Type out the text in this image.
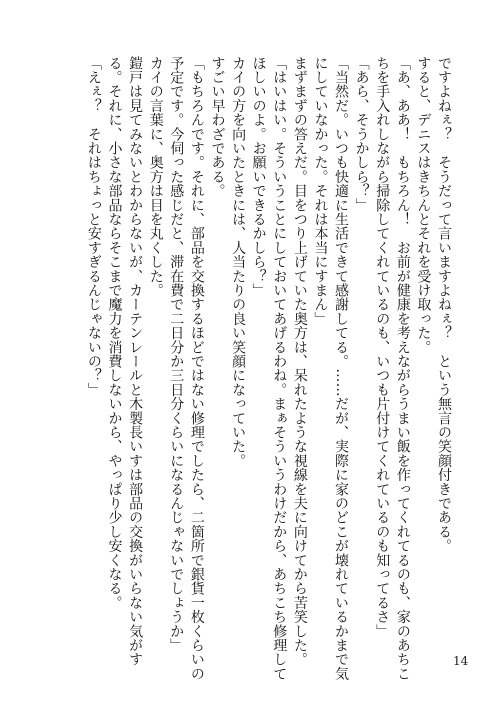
ですよねぇ？　そうだって言いますよねぇ？　という無言の笑顔付きである。
すると、デニスはきちんとそれを受け取った。
「あ、ああ！　もちろん！　お前が健康を考えながらうまい飯を作ってくれてるのも、家のあちこ
ちを手入れしながら掃除してくれているのも、いつも片付けてくれているのも知ってるさ」
「あら、そうかしら？」
「当然だ。いつも快適に生活できて感謝してる。……だが、実際に家のどこが壊れているかまで気
にしていなかった。それは本当にすまん」
まずまずの答えだ。目をつり上げていた奥方は、呆れたような視線を夫に向けてから苦笑した。
「はいはい。そういうことにしておいてあげるわね。まぁそういうわけだから、あちこち修理して
ほしいのよ。お願いできるかしら？」
カイの方を向いたときには、人当たりの良い笑顔になっていた。
すごい早わざである。
「もちろんです。それに、部品を交換するほどではない修理でしたら、二箇所で銀貨一枚くらいの
予定です。今伺った感じだと、滞在費で二日分か三日分くらいになるんじゃないでしょうか」
カイの言葉に、奥方は目を丸くした。
鎧戸は見てみないとわからないが、カーテンレールと木製長いすは部品の交換がいらない気がす
る。それに、小さな部品ならそこまで魔力を消費しないから、やっぱり少し安くなる。
「えぇ？　それはちょっと安すぎるんじゃないの？」
14
